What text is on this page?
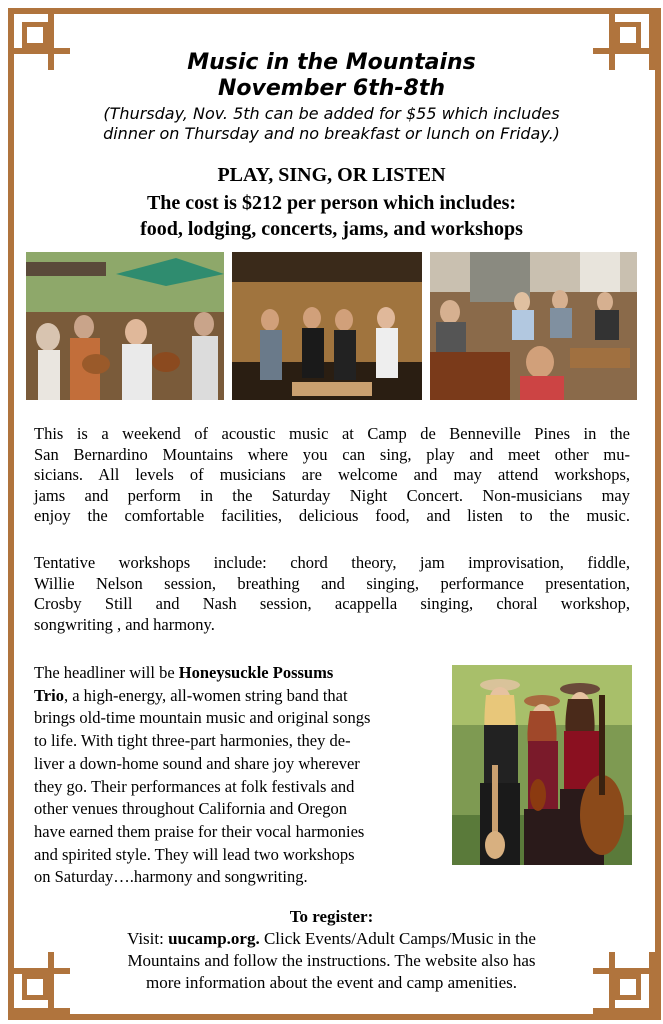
Music in the Mountains
November 6th-8th
(Thursday, Nov. 5th can be added for $55 which includes
dinner on Thursday and no breakfast or lunch on Friday.)
PLAY, SING, OR LISTEN
The cost is $212 per person which includes:
food, lodging, concerts, jams, and workshops
This is a weekend of acoustic music at Camp de Benneville Pines in the
San Bernardino Mountains where you can sing, play and meet other mu-
sicians. All levels of musicians are welcome and may attend workshops,
jams and perform in the Saturday Night Concert. Non-musicians may
enjoy the comfortable facilities, delicious food, and listen to the music.
Tentative workshops include: chord theory, jam improvisation, fiddle,
Willie Nelson session, breathing and singing, performance presentation,
Crosby Still and Nash session, acappella singing, choral workshop,
songwriting , and harmony.
The headliner will be Honeysuckle Possums
Trio, a high-energy, all-women string band that
brings old-time mountain music and original songs
to life. With tight three-part harmonies, they de-
liver a down-home sound and share joy wherever
they go. Their performances at folk festivals and
other venues throughout California and Oregon
have earned them praise for their vocal harmonies
and spirited style. They will lead two workshops
on Saturday….harmony and songwriting.
To register:
Visit: uucamp.org. Click Events/Adult Camps/Music in the
Mountains and follow the instructions. The website also has
more information about the event and camp amenities.
